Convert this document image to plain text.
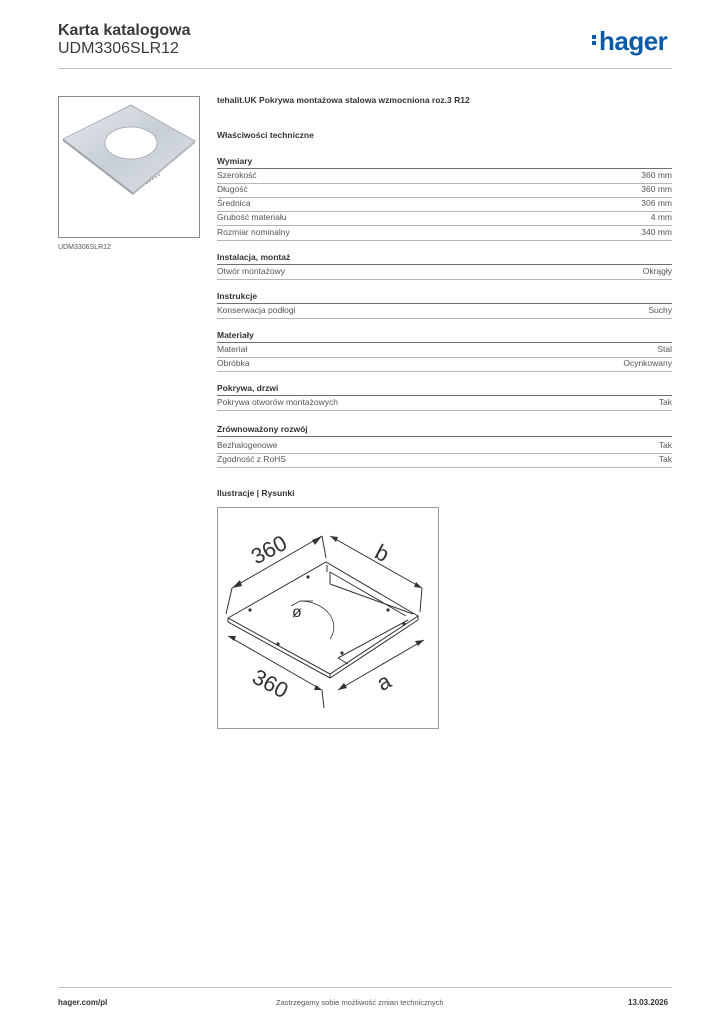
Karta katalogowa
UDM3306SLR12	hager
UDM3306SLR12
tehalit.UK Pokrywa montażowa stalowa wzmocniona roz.3 R12
Właściwości techniczne
Wymiary
Szerokość	360 mm
Długość	360 mm
Średnica	306 mm
Grubość materiału	4 mm
Rozmiar nominalny	340 mm
Instalacja, montaż
Otwór montażowy	Okrągły
Instrukcje
Konserwacja podłogi	Suchy
Materiały
Materiał	Stal
Obróbka	Ocynkowany
Pokrywa, drzwi
Pokrywa otworów montażowych	Tak
Zrównoważony rozwój
Bezhalogenowe	Tak
Zgodność z RoHS	Tak
Ilustracje | Rysunki
360	b
360	a
ø
hager.com/pl	Zastrzegamy sobie możliwość zmian technicznych	13.03.2026
